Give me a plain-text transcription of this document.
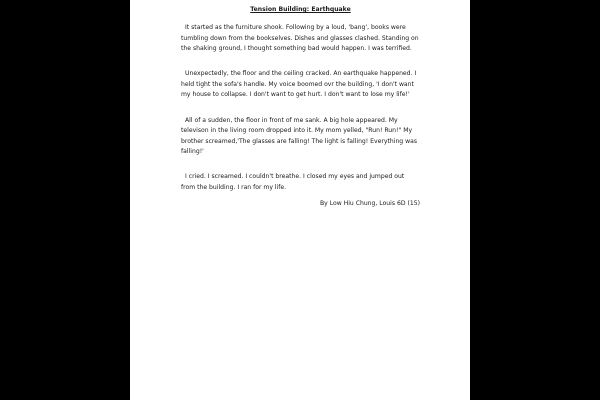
Tension Building: Earthquake

It started as the furniture shook. Following by a loud, 'bang', books were tumbling down from the bookselves. Dishes and glasses clashed. Standing on the shaking ground, I thought something bad would happen. I was terrified.

Unexpectedly, the floor and the ceiling cracked. An earthquake happened. I held tight the sofa's handle. My voice boomed ovr the building, 'I don't want my house to collapse. I don't want to get hurt. I don't want to lose my life!'

All of a sudden, the floor in front of me sank. A big hole appeared. My televison in the living room dropped into it. My mom yelled, "Run! Run!" My brother screamed,'The glasses are falling! The light is falling! Everything was falling!'

I cried. I screamed. I couldn't breathe. I closed my eyes and jumped out from the building. I ran for my life.

By Low Hiu Chung, Louis 6D (15)
